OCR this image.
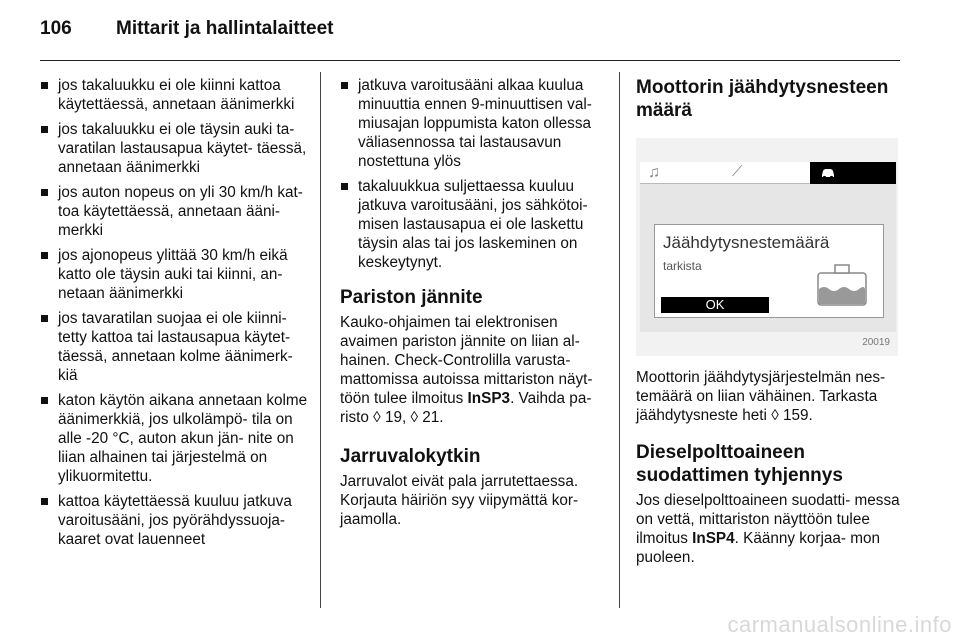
106 Mittarit ja hallintalaitteet
jos takaluukku ei ole kiinni kattoa käytettäessä, annetaan äänimerkki
jos takaluukku ei ole täysin auki ta- varatilan lastausapua käytet- täessä, annetaan äänimerkki
jos auton nopeus on yli 30 km/h kat- toa käytettäessä, annetaan ääni- merkki
jos ajonopeus ylittää 30 km/h eikä katto ole täysin auki tai kiinni, an- netaan äänimerkki
jos tavaratilan suojaa ei ole kiinni- tetty kattoa tai lastausapua käytet- täessä, annetaan kolme äänimerk- kiä
katon käytön aikana annetaan kolme äänimerkkiä, jos ulkolämpö- tila on alle -20 °C, auton akun jän- nite on liian alhainen tai järjestelmä on ylikuormitettu.
kattoa käytettäessä kuuluu jatkuva varoitusääni, jos pyörähdyssuoja- kaaret ovat lauenneet
jatkuva varoitusääni alkaa kuulua minuuttia ennen 9-minuuttisen val- miusajan loppumista katon ollessa väliasennossa tai lastausavun nostettuna ylös
takaluukkua suljettaessa kuuluu jatkuva varoitusääni, jos sähkötoi- misen lastausapua ei ole laskettu täysin alas tai jos laskeminen on keskeytynyt.
Pariston jännite

Kauko-ohjaimen tai elektronisen avaimen pariston jännite on liian al- hainen. Check-Controlilla varusta- mattomissa autoissa mittariston näyt- töön tulee ilmoitus InSP3. Vaihda pa- risto ◊ 19, ◊ 21.

Jarruvalokytkin

Jarruvalot eivät pala jarrutettaessa. Korjauta häiriön syy viipymättä kor- jaamolla.

Moottorin jäähdytysnesteen määrä
♫	⟋
Jäähdytysnestemäärä
tarkista
OK
20019

Moottorin jäähdytysjärjestelmän nes- temäärä on liian vähäinen. Tarkasta jäähdytysneste heti ◊ 159.

Dieselpolttoaineen suodattimen tyhjennys

Jos dieselpolttoaineen suodatti- messa on vettä, mittariston näyttöön tulee ilmoitus InSP4. Käänny korjaa- mon puoleen.

carmanualsonline.info
